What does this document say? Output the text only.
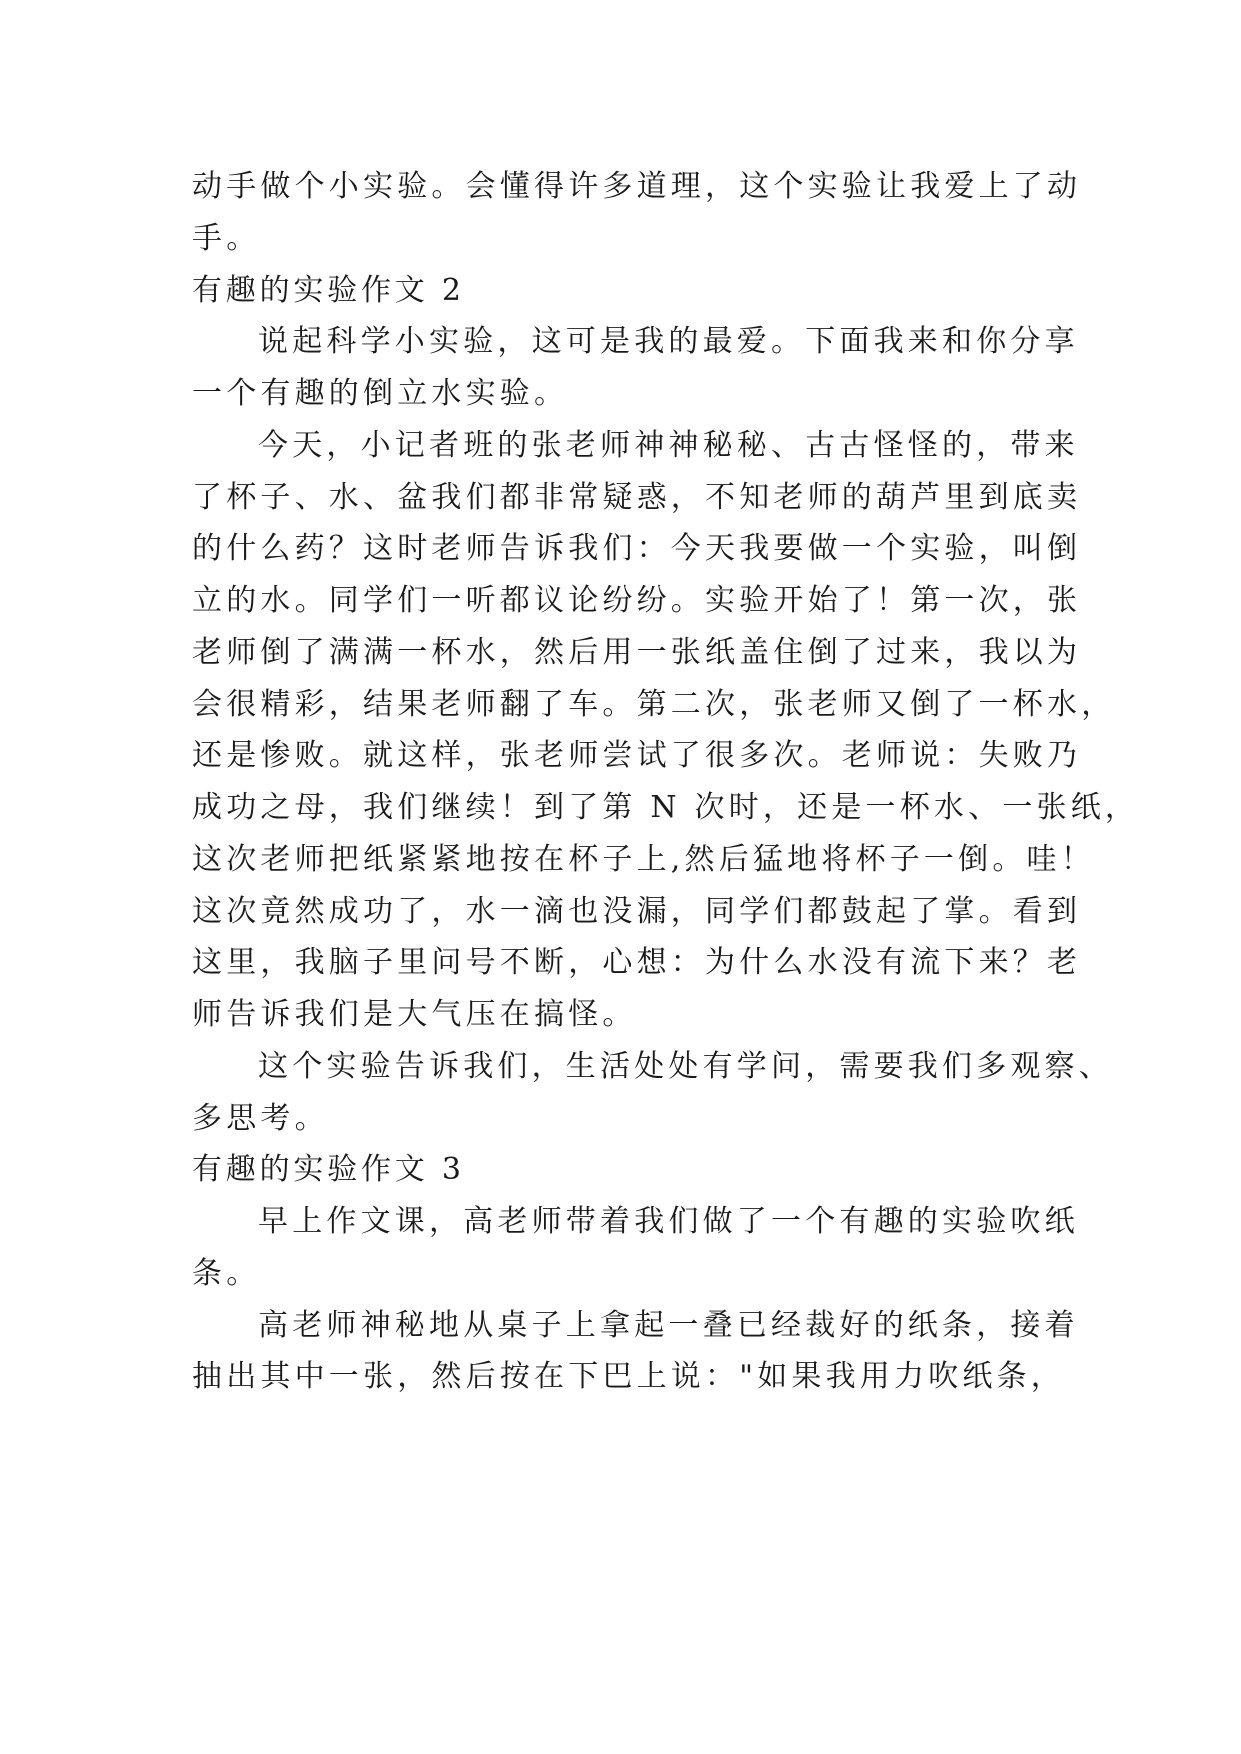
动手做个小实验。会懂得许多道理，这个实验让我爱上了动
手。
有趣的实验作文 2
说起科学小实验，这可是我的最爱。下面我来和你分享
一个有趣的倒立水实验。
今天，小记者班的张老师神神秘秘、古古怪怪的，带来
了杯子、水、盆我们都非常疑惑，不知老师的葫芦里到底卖
的什么药？这时老师告诉我们：今天我要做一个实验，叫倒
立的水。同学们一听都议论纷纷。实验开始了！第一次，张
老师倒了满满一杯水，然后用一张纸盖住倒了过来，我以为
会很精彩，结果老师翻了车。第二次，张老师又倒了一杯水，
还是惨败。就这样，张老师尝试了很多次。老师说：失败乃
成功之母，我们继续！到了第 N 次时，还是一杯水、一张纸，
这次老师把纸紧紧地按在杯子上,然后猛地将杯子一倒。哇！
这次竟然成功了，水一滴也没漏，同学们都鼓起了掌。看到
这里，我脑子里问号不断，心想：为什么水没有流下来？老
师告诉我们是大气压在搞怪。
这个实验告诉我们，生活处处有学问，需要我们多观察、
多思考。
有趣的实验作文 3
早上作文课，高老师带着我们做了一个有趣的实验吹纸
条。
高老师神秘地从桌子上拿起一叠已经裁好的纸条，接着
抽出其中一张，然后按在下巴上说："如果我用力吹纸条，
